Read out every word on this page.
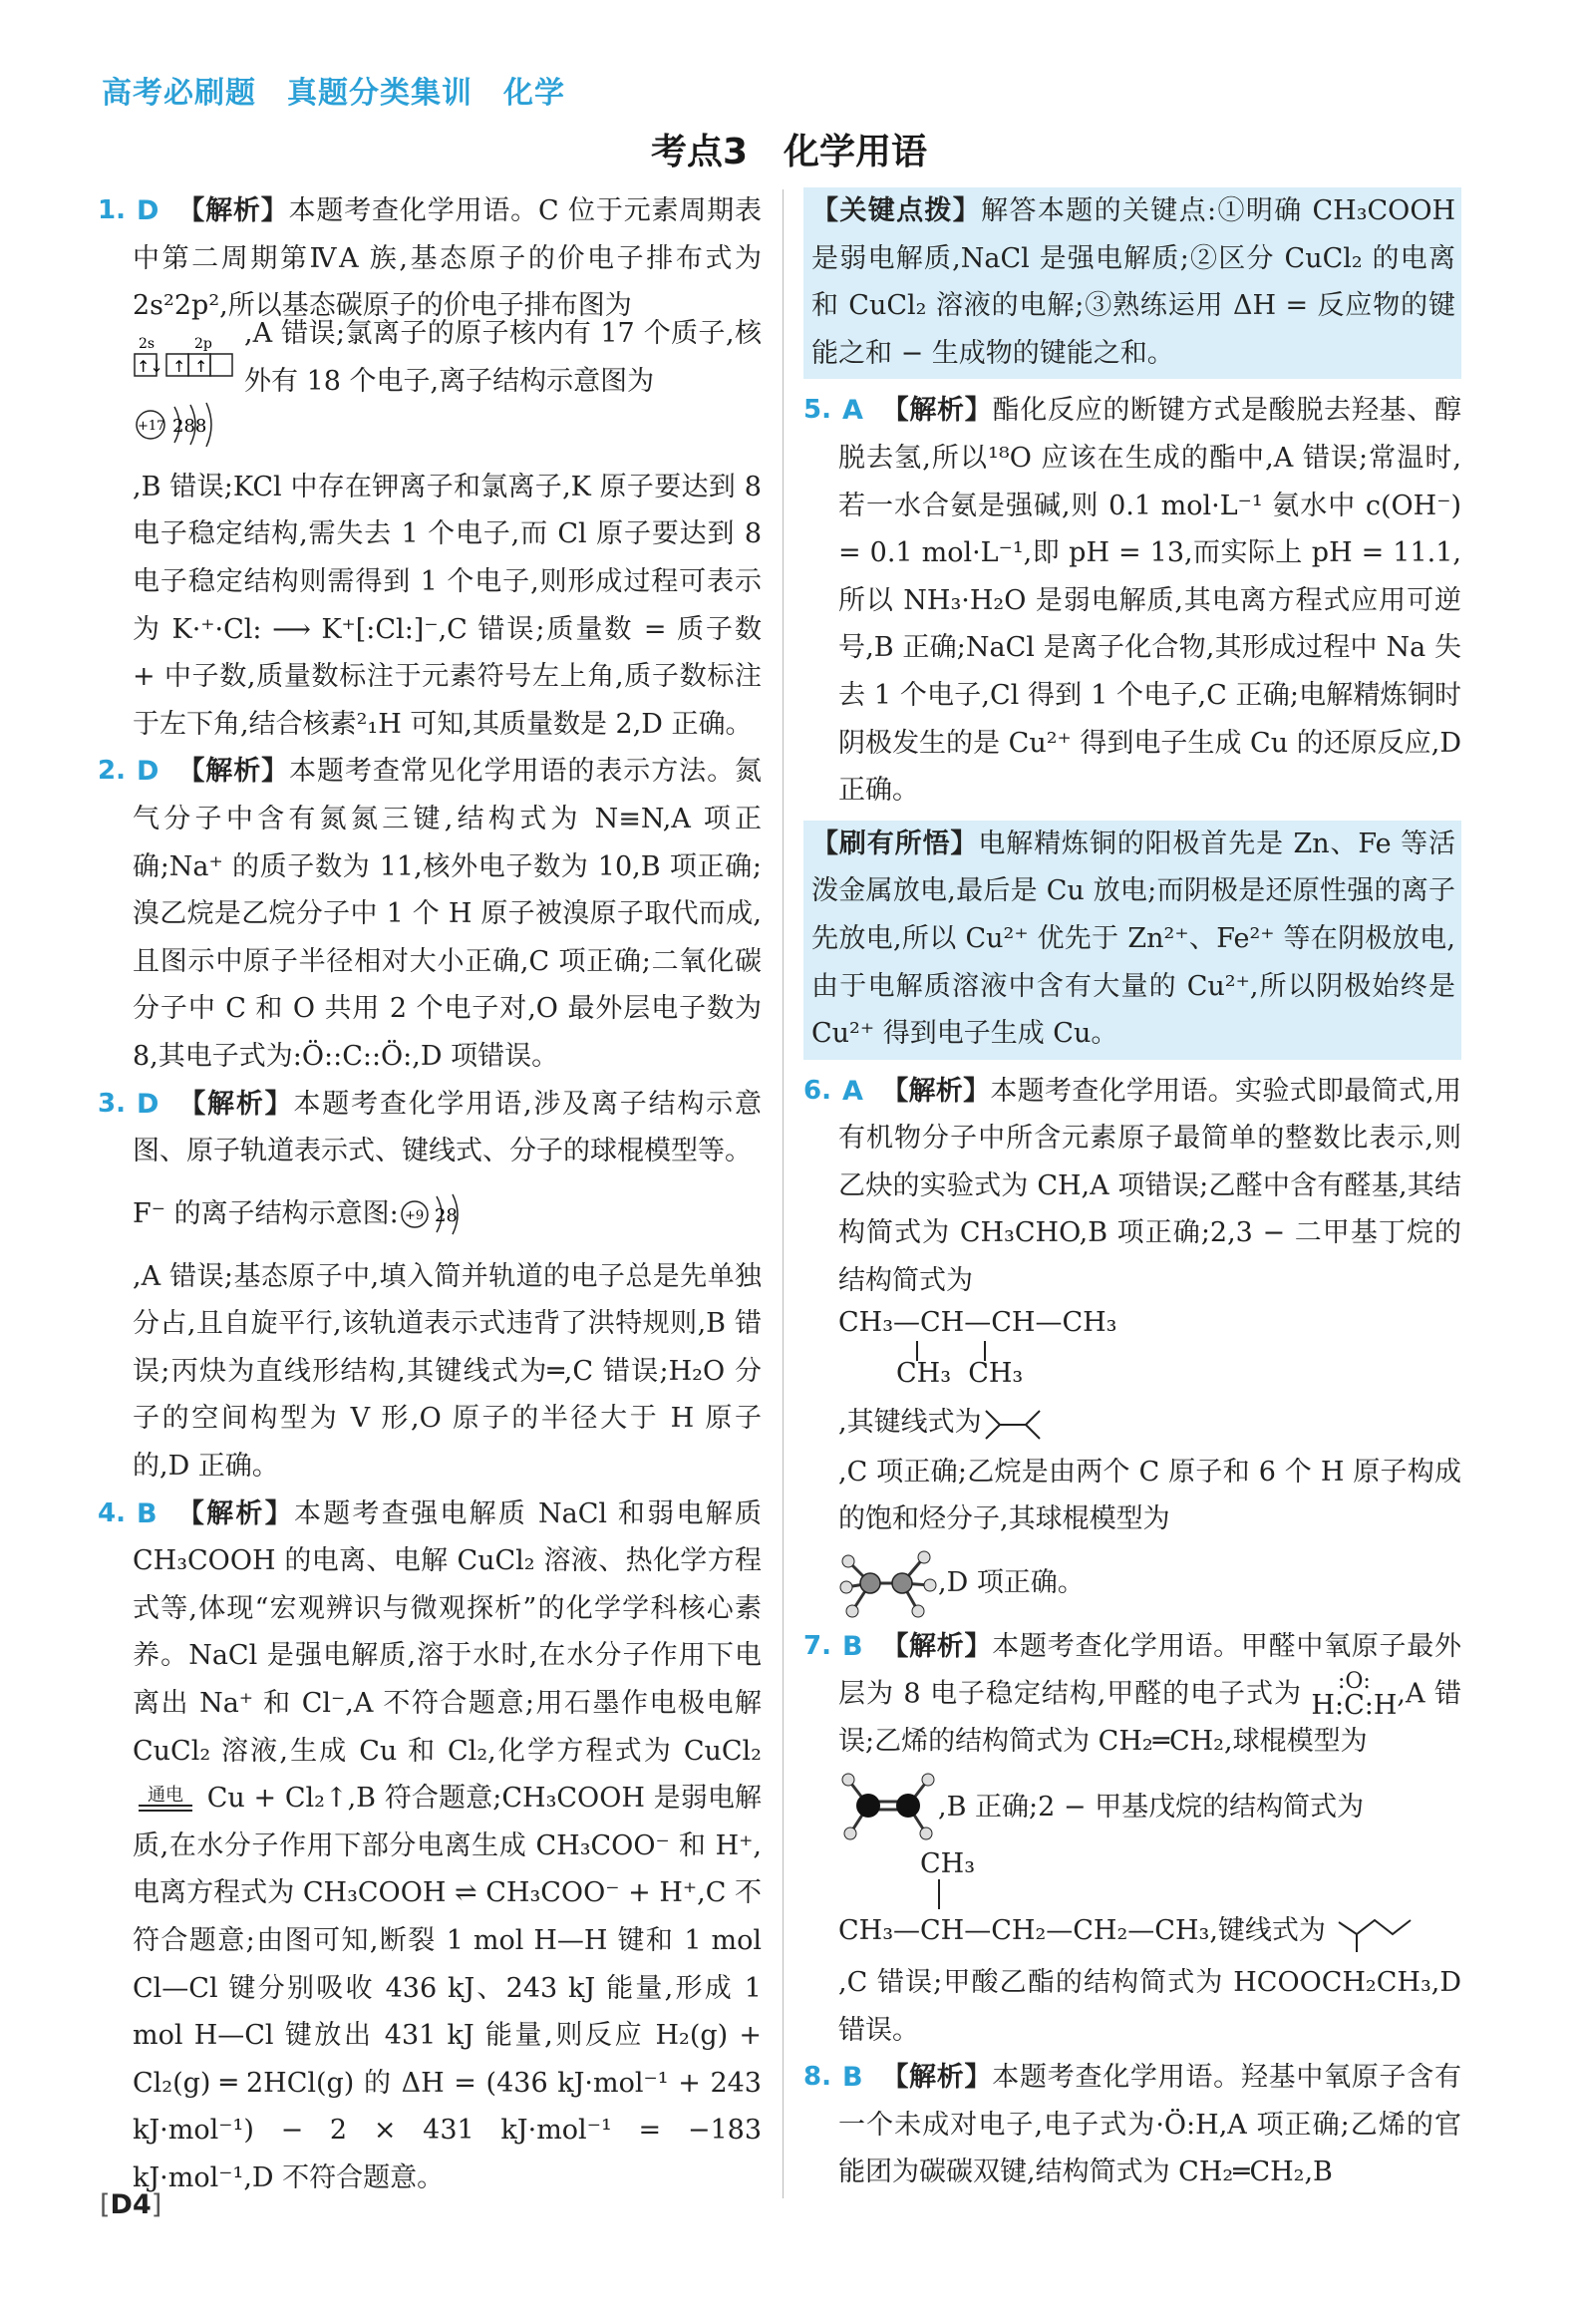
高考必刷题　真题分类集训　化学
考点3　化学用语
1. D 【解析】本题考查化学用语。C 位于元素周期表中第二周期第ⅣA 族,基态原子的价电子排布式为 2s²2p²,所以基态碳原子的价电子排布图为
2s	2p
↑↓ ↑ ↑
,A 错误;氯离子的原子核内有 17 个质子,核外有 18 个电子,离子结构示意图为
+17 288
,B 错误;KCl 中存在钾离子和氯离子,K 原子要达到 8 电子稳定结构,需失去 1 个电子,而 Cl 原子要达到 8 电子稳定结构则需得到 1 个电子,则形成过程可表示为 K·⁺·Cl: ⟶ K⁺[:Cl:]⁻,C 错误;质量数 = 质子数 + 中子数,质量数标注于元素符号左上角,质子数标注于左下角,结合核素²₁H 可知,其质量数是 2,D 正确。
2. D 【解析】本题考查常见化学用语的表示方法。氮气分子中含有氮氮三键,结构式为 N≡N,A 项正确;Na⁺ 的质子数为 11,核外电子数为 10,B 项正确;溴乙烷是乙烷分子中 1 个 H 原子被溴原子取代而成,且图示中原子半径相对大小正确,C 项正确;二氧化碳分子中 C 和 O 共用 2 个电子对,O 最外层电子数为 8,其电子式为:Ö::C::Ö:,D 项错误。
3. D 【解析】本题考查化学用语,涉及离子结构示意图、原子轨道表示式、键线式、分子的球棍模型等。
F⁻ 的离子结构示意图: +9 28
,A 错误;基态原子中,填入简并轨道的电子总是先单独分占,且自旋平行,该轨道表示式违背了洪特规则,B 错误;丙炔为直线形结构,其键线式为═,C 错误;H₂O 分子的空间构型为 V 形,O 原子的半径大于 H 原子的,D 正确。
4. B 【解析】本题考查强电解质 NaCl 和弱电解质 CH₃COOH 的电离、电解 CuCl₂ 溶液、热化学方程式等,体现“宏观辨识与微观探析”的化学学科核心素养。NaCl 是强电解质,溶于水时,在水分子作用下电离出 Na⁺ 和 Cl⁻,A 不符合题意;用石墨作电极电解 CuCl₂ 溶液,生成 Cu 和 Cl₂,化学方程式为 CuCl₂
通电 Cu + Cl₂↑,B 符合题意;CH₃COOH 是弱电解质,在水分子作用下部分电离生成 CH₃COO⁻ 和 H⁺,电离方程式为 CH₃COOH ⇌ CH₃COO⁻ + H⁺,C 不符合题意;由图可知,断裂 1 mol H—H 键和 1 mol Cl—Cl 键分别吸收 436 kJ、243 kJ 能量,形成 1 mol H—Cl 键放出 431 kJ 能量,则反应 H₂(g) + Cl₂(g) ═ 2HCl(g) 的 ΔH = (436 kJ·mol⁻¹ + 243 kJ·mol⁻¹) − 2 × 431 kJ·mol⁻¹ = −183 kJ·mol⁻¹,D 不符合题意。
【关键点拨】解答本题的关键点:①明确 CH₃COOH 是弱电解质,NaCl 是强电解质;②区分 CuCl₂ 的电离和 CuCl₂ 溶液的电解;③熟练运用 ΔH = 反应物的键能之和 − 生成物的键能之和。
5. A 【解析】酯化反应的断键方式是酸脱去羟基、醇脱去氢,所以¹⁸O 应该在生成的酯中,A 错误;常温时,若一水合氨是强碱,则 0.1 mol·L⁻¹ 氨水中 c(OH⁻) = 0.1 mol·L⁻¹,即 pH = 13,而实际上 pH = 11.1,所以 NH₃·H₂O 是弱电解质,其电离方程式应用可逆号,B 正确;NaCl 是离子化合物,其形成过程中 Na 失去 1 个电子,Cl 得到 1 个电子,C 正确;电解精炼铜时阴极发生的是 Cu²⁺ 得到电子生成 Cu 的还原反应,D 正确。
【刷有所悟】电解精炼铜的阳极首先是 Zn、Fe 等活泼金属放电,最后是 Cu 放电;而阴极是还原性强的离子先放电,所以 Cu²⁺ 优先于 Zn²⁺、Fe²⁺ 等在阴极放电,由于电解质溶液中含有大量的 Cu²⁺,所以阴极始终是 Cu²⁺ 得到电子生成 Cu。
6. A 【解析】本题考查化学用语。实验式即最简式,用有机物分子中所含元素原子最简单的整数比表示,则乙炔的实验式为 CH,A 项错误;乙醛中含有醛基,其结构简式为 CH₃CHO,B 项正确;2,3 − 二甲基丁烷的结构简式为
CH₃—CH—CH—CH₃
CH₃  CH₃
,其键线式为
,C 项正确;乙烷是由两个 C 原子和 6 个 H 原子构成的饱和烃分子,其球棍模型为
,D 项正确。
7. B 【解析】本题考查化学用语。甲醛中氧原子最外层为 8 电子稳定结构,甲醛的电子式为	:O:
H:C:H ,A 错误;乙烯的结构简式为 CH₂═CH₂,球棍模型为
,B 正确;2 − 甲基戊烷的结构简式为
CH₃
CH₃—CH—CH₂—CH₂—CH₃,键线式为
,C 错误;甲酸乙酯的结构简式为 HCOOCH₂CH₃,D 错误。
8. B 【解析】本题考查化学用语。羟基中氧原子含有一个未成对电子,电子式为·Ö:H,A 项正确;乙烯的官能团为碳碳双键,结构简式为 CH₂═CH₂,B
[D4]
